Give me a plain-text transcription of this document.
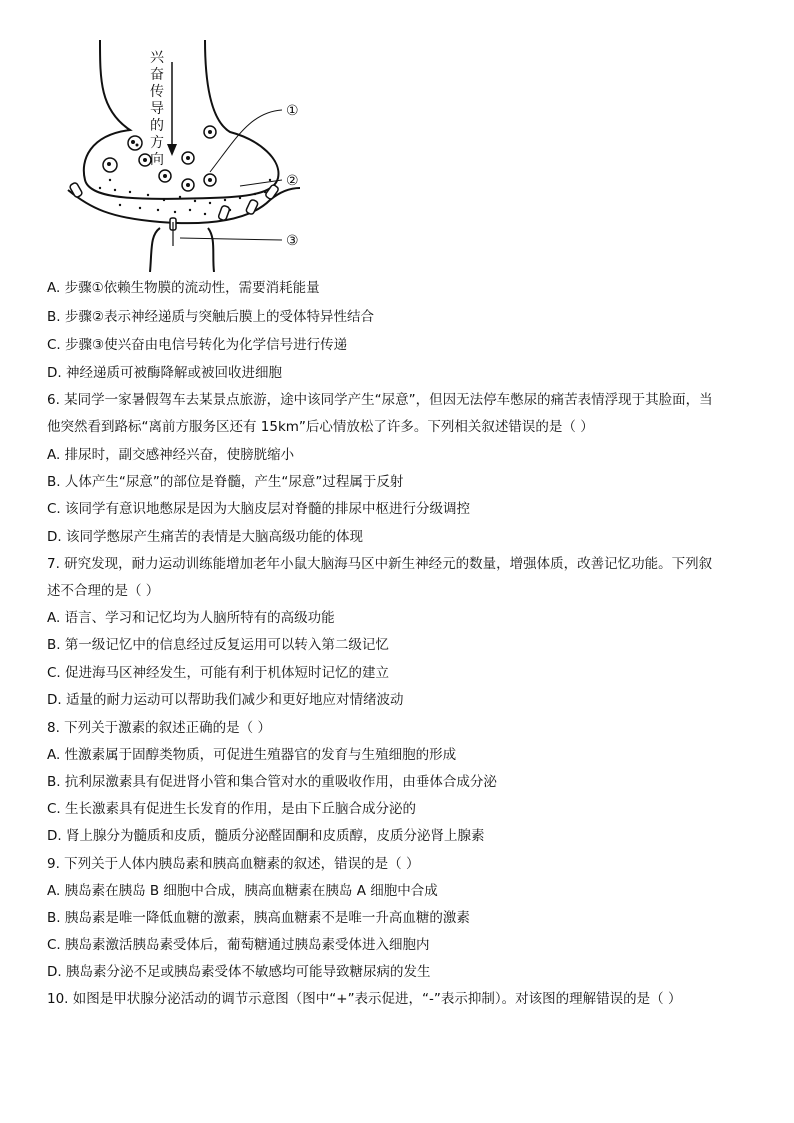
兴
奋
传
导
的
方
向
①
②
③
A. 步骤①依赖生物膜的流动性，需要消耗能量
B. 步骤②表示神经递质与突触后膜上的受体特异性结合
C. 步骤③使兴奋由电信号转化为化学信号进行传递
D. 神经递质可被酶降解或被回收进细胞
6. 某同学一家暑假驾车去某景点旅游，途中该同学产生“尿意”，但因无法停车憋尿的痛苦表情浮现于其脸面，当
他突然看到路标“离前方服务区还有 15km”后心情放松了许多。下列相关叙述错误的是（ ）
A. 排尿时，副交感神经兴奋，使膀胱缩小
B. 人体产生“尿意”的部位是脊髓，产生“尿意”过程属于反射
C. 该同学有意识地憋尿是因为大脑皮层对脊髓的排尿中枢进行分级调控
D. 该同学憋尿产生痛苦的表情是大脑高级功能的体现
7. 研究发现，耐力运动训练能增加老年小鼠大脑海马区中新生神经元的数量，增强体质，改善记忆功能。下列叙
述不合理的是（ ）
A. 语言、学习和记忆均为人脑所特有的高级功能
B. 第一级记忆中的信息经过反复运用可以转入第二级记忆
C. 促进海马区神经发生，可能有利于机体短时记忆的建立
D. 适量的耐力运动可以帮助我们减少和更好地应对情绪波动
8. 下列关于激素的叙述正确的是（ ）
A. 性激素属于固醇类物质，可促进生殖器官的发育与生殖细胞的形成
B. 抗利尿激素具有促进肾小管和集合管对水的重吸收作用，由垂体合成分泌
C. 生长激素具有促进生长发育的作用，是由下丘脑合成分泌的
D. 肾上腺分为髓质和皮质，髓质分泌醛固酮和皮质醇，皮质分泌肾上腺素
9. 下列关于人体内胰岛素和胰高血糖素的叙述，错误的是（ ）
A. 胰岛素在胰岛 B 细胞中合成，胰高血糖素在胰岛 A 细胞中合成
B. 胰岛素是唯一降低血糖的激素，胰高血糖素不是唯一升高血糖的激素
C. 胰岛素激活胰岛素受体后，葡萄糖通过胰岛素受体进入细胞内
D. 胰岛素分泌不足或胰岛素受体不敏感均可能导致糖尿病的发生
10. 如图是甲状腺分泌活动的调节示意图（图中“+”表示促进，“-”表示抑制）。对该图的理解错误的是（ ）
